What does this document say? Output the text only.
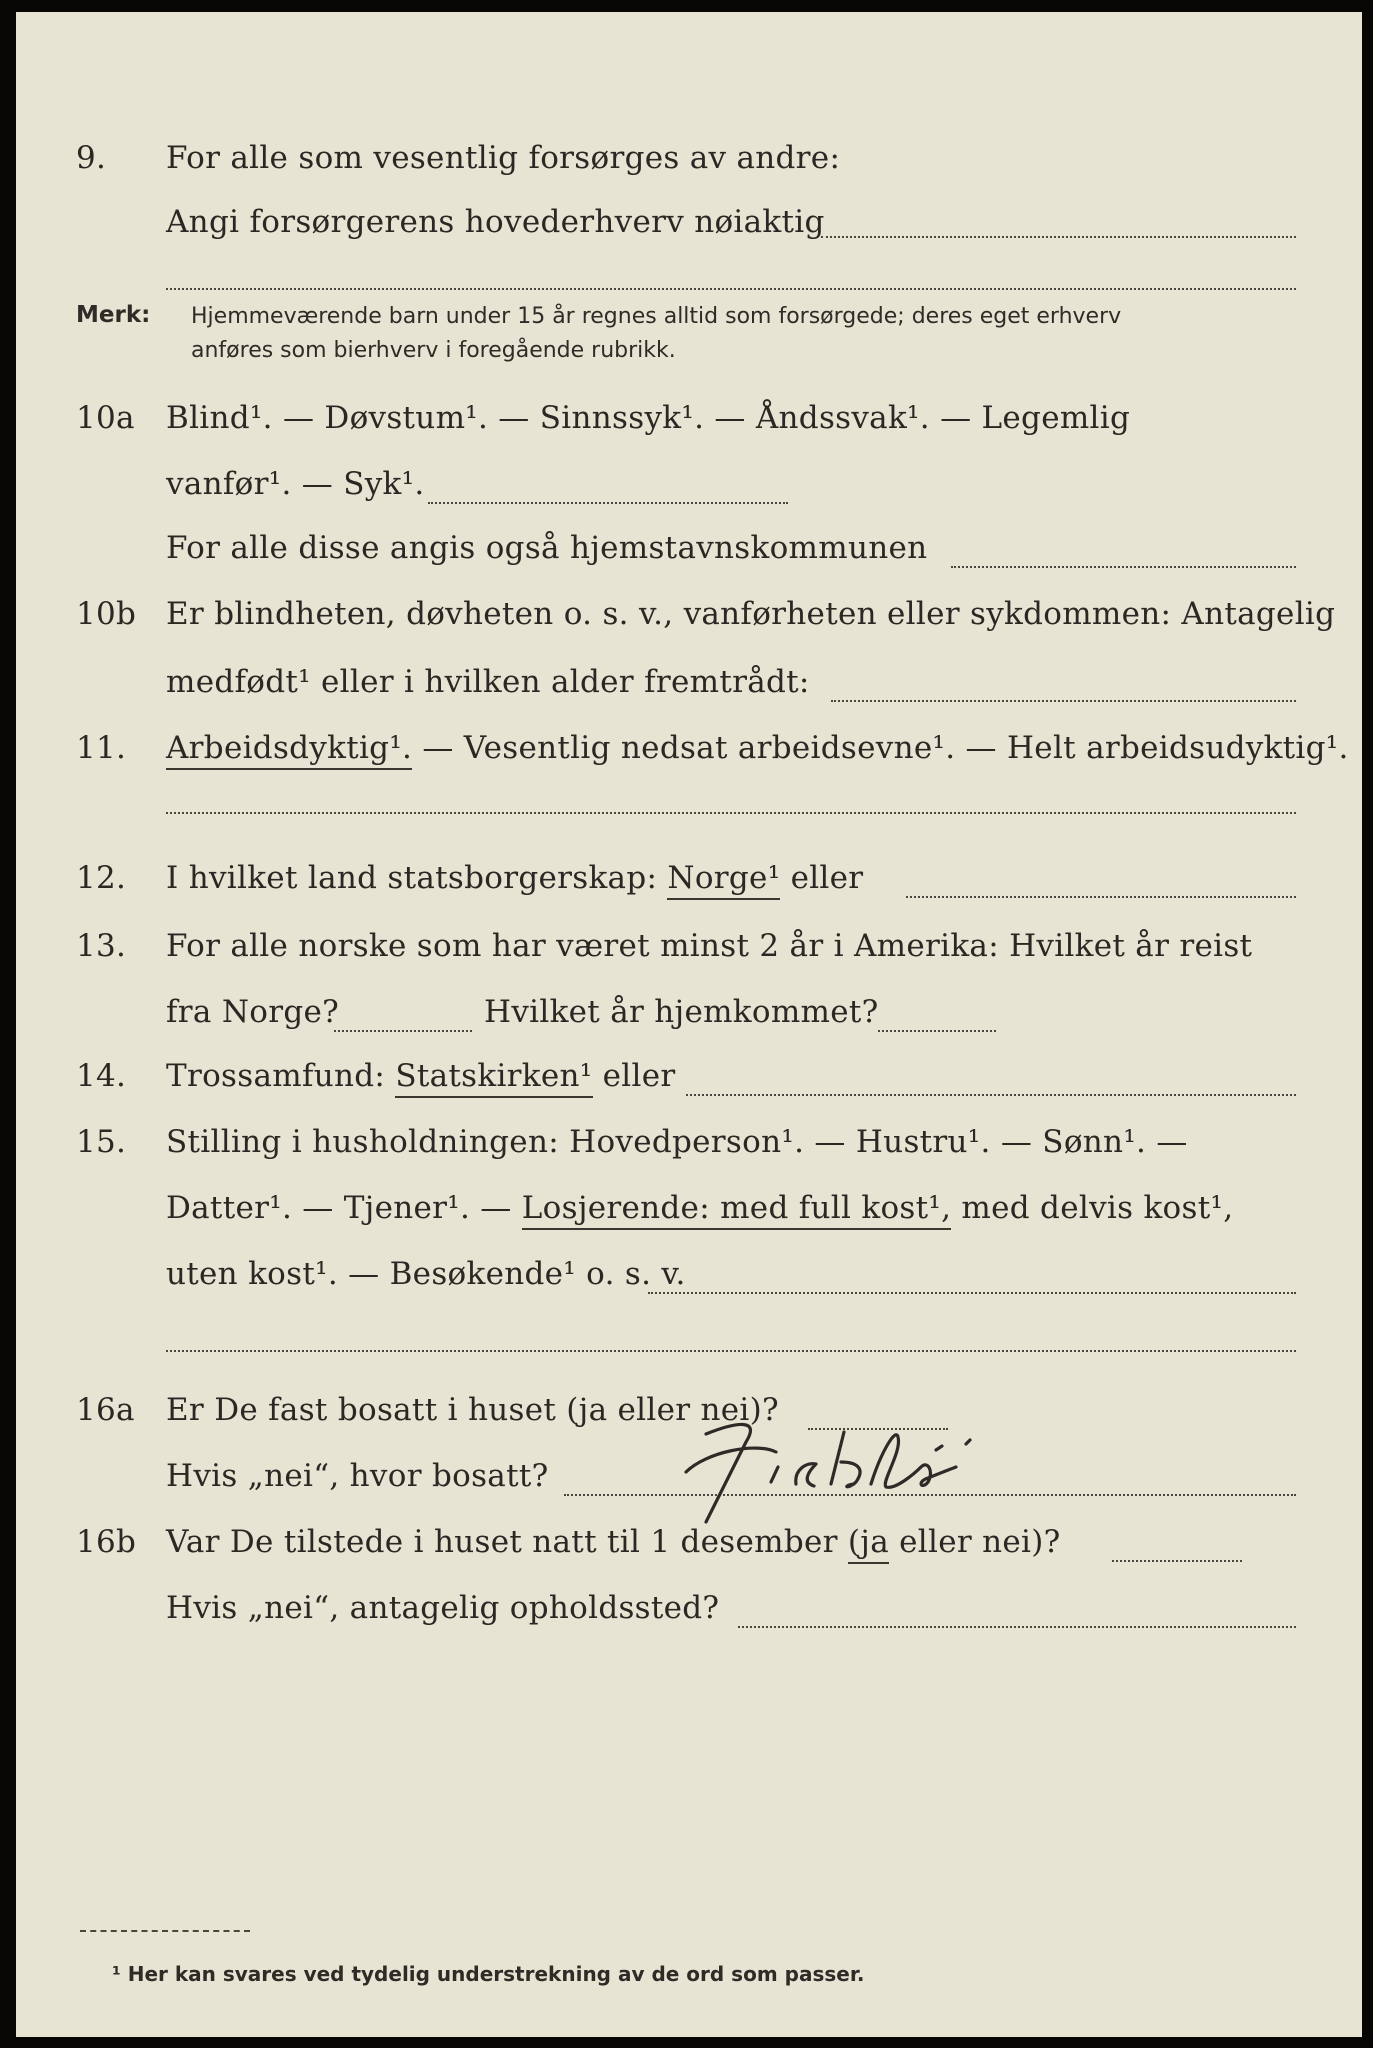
9. For alle som vesentlig forsørges av andre:
Angi forsørgerens hovederhverv nøiaktig
Merk: Hjemmeværende barn under 15 år regnes alltid som forsørgede; deres eget erhverv
anføres som bierhverv i foregående rubrikk.
10a Blind¹. — Døvstum¹. — Sinnssyk¹. — Åndssvak¹. — Legemlig
vanfør¹. — Syk¹.
For alle disse angis også hjemstavnskommunen
10b Er blindheten, døvheten o. s. v., vanførheten eller sykdommen: Antagelig
medfødt¹ eller i hvilken alder fremtrådt:
11. Arbeidsdyktig¹. — Vesentlig nedsat arbeidsevne¹. — Helt arbeidsudyktig¹.
12. I hvilket land statsborgerskap: Norge¹ eller
13. For alle norske som har været minst 2 år i Amerika: Hvilket år reist
fra Norge?	Hvilket år hjemkommet?
14. Trossamfund: Statskirken¹ eller
15. Stilling i husholdningen: Hovedperson¹. — Hustru¹. — Sønn¹. —
Datter¹. — Tjener¹. — Losjerende: med full kost¹, med delvis kost¹,
uten kost¹. — Besøkende¹ o. s. v.
16a Er De fast bosatt i huset (ja eller nei)?
Hvis „nei“, hvor bosatt?
16b Var De tilstede i huset natt til 1 desember (ja eller nei)?
Hvis „nei“, antagelig opholdssted?
¹ Her kan svares ved tydelig understrekning av de ord som passer.
